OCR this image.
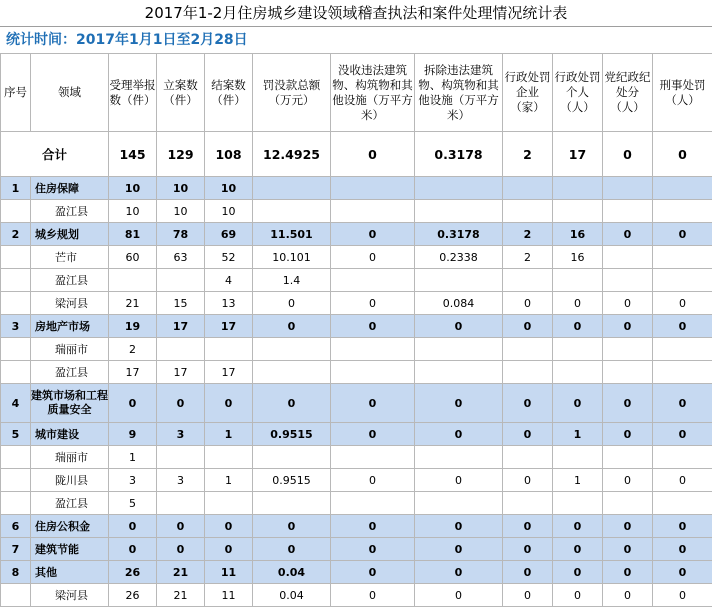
2017年1-2月住房城乡建设领域稽查执法和案件处理情况统计表
统计时间：2017年1月1日至2月28日
序号	领域	受理举报数（件）	立案数（件）	结案数（件）	罚没款总额（万元）	没收违法建筑物、构筑物和其他设施（万平方米）	拆除违法建筑物、构筑物和其他设施（万平方米）	行政处罚企业（家）	行政处罚个人（人）	党纪政纪处分（人）	刑事处罚（人）
合计		145	129	108	12.4925	0	0.3178	2	17	0	0
1	住房保障	10	10	10							
	盈江县	10	10	10							
2	城乡规划	81	78	69	11.501	0	0.3178	2	16	0	0
	芒市	60	63	52	10.101	0	0.2338	2	16		
	盈江县			4	1.4						
	梁河县	21	15	13	0	0	0.084	0	0	0	0
3	房地产市场	19	17	17	0	0	0	0	0	0	0
	瑞丽市	2									
	盈江县	17	17	17							
4	建筑市场和工程质量安全	0	0	0	0	0	0	0	0	0	0
5	城市建设	9	3	1	0.9515	0	0	0	1	0	0
	瑞丽市	1									
	陇川县	3	3	1	0.9515	0	0	0	1	0	0
	盈江县	5									
6	住房公积金	0	0	0	0	0	0	0	0	0	0
7	建筑节能	0	0	0	0	0	0	0	0	0	0
8	其他	26	21	11	0.04	0	0	0	0	0	0
	梁河县	26	21	11	0.04	0	0	0	0	0	0
